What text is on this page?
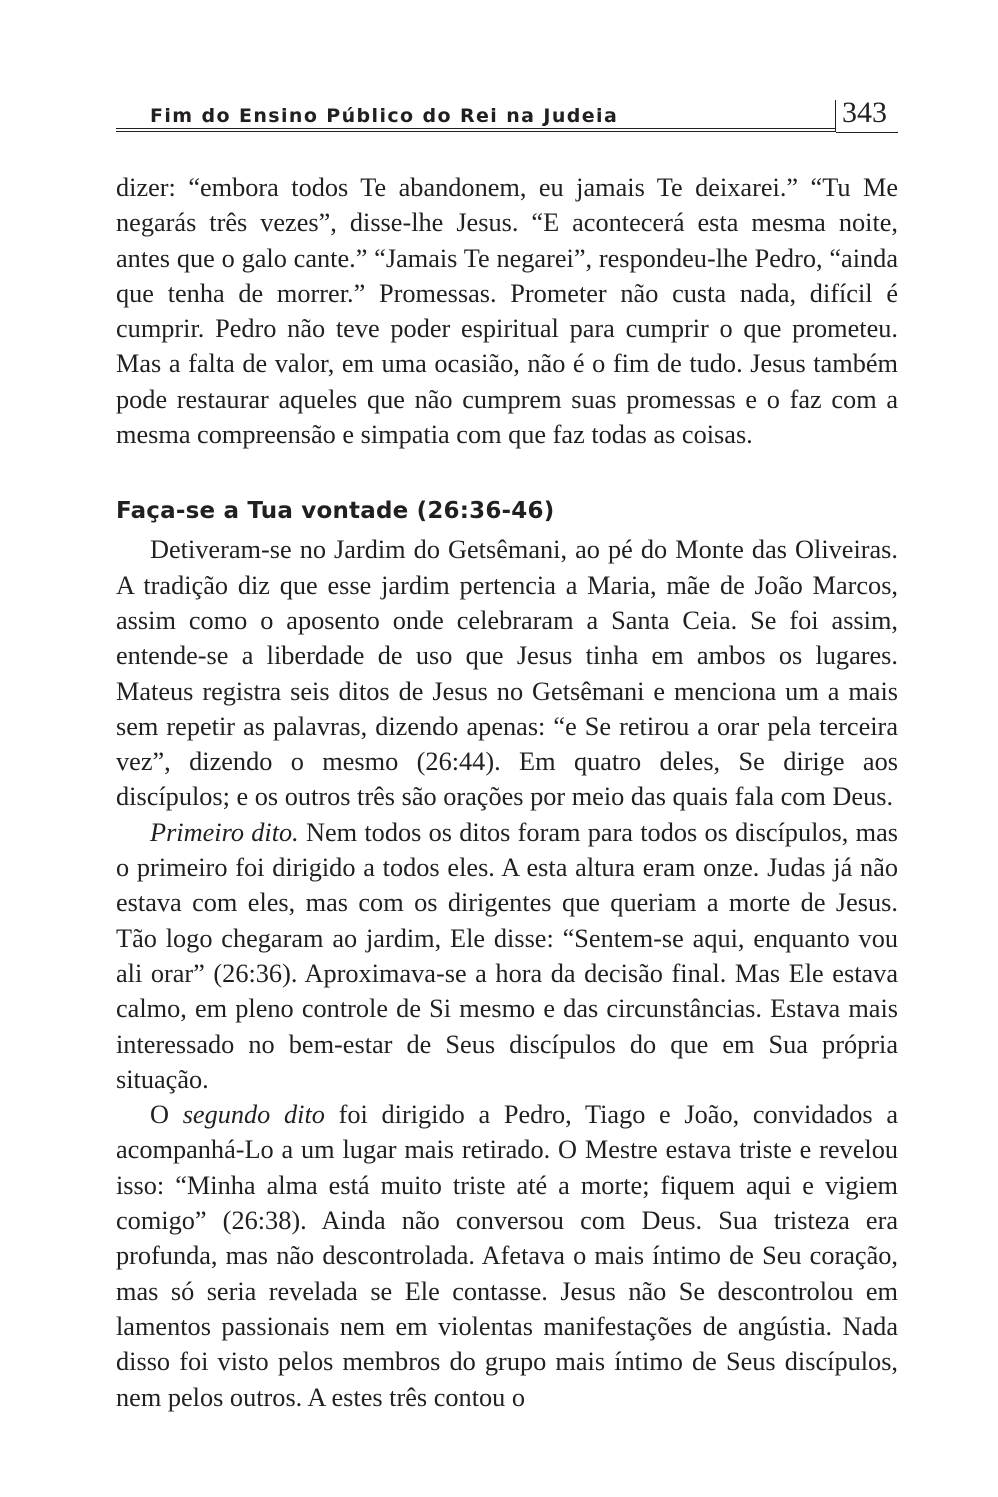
Fim do Ensino Público do Rei na Judeia	343

dizer: “embora todos Te abandonem, eu jamais Te deixarei.” “Tu Me negarás três vezes”, disse-lhe Jesus. “E acontecerá esta mesma noite, antes que o galo cante.” “Jamais Te negarei”, respondeu-lhe Pedro, “ainda que tenha de morrer.” Promessas. Prometer não custa nada, difícil é cumprir. Pedro não teve poder espiritual para cumprir o que prometeu. Mas a falta de valor, em uma ocasião, não é o fim de tudo. Jesus também pode restaurar aqueles que não cumprem suas promessas e o faz com a mesma compreensão e simpatia com que faz todas as coisas.

Faça-se a Tua vontade (26:36-46)

Detiveram-se no Jardim do Getsêmani, ao pé do Monte das Oliveiras. A tradição diz que esse jardim pertencia a Maria, mãe de João Marcos, assim como o aposento onde celebraram a Santa Ceia. Se foi assim, entende-se a liberdade de uso que Jesus tinha em ambos os lugares. Mateus registra seis ditos de Jesus no Getsêmani e menciona um a mais sem repetir as palavras, dizendo apenas: “e Se retirou a orar pela terceira vez”, dizendo o mesmo (26:44). Em quatro deles, Se dirige aos discípulos; e os outros três são orações por meio das quais fala com Deus.

Primeiro dito. Nem todos os ditos foram para todos os discípulos, mas o primeiro foi dirigido a todos eles. A esta altura eram onze. Judas já não estava com eles, mas com os dirigentes que queriam a morte de Jesus. Tão logo chegaram ao jardim, Ele disse: “Sentem-se aqui, enquanto vou ali orar” (26:36). Aproximava-se a hora da decisão final. Mas Ele estava calmo, em pleno controle de Si mesmo e das circunstâncias. Estava mais interessado no bem-estar de Seus discípulos do que em Sua própria situação.

O segundo dito foi dirigido a Pedro, Tiago e João, convidados a acompanhá-Lo a um lugar mais retirado. O Mestre estava triste e revelou isso: “Minha alma está muito triste até a morte; fiquem aqui e vigiem comigo” (26:38). Ainda não conversou com Deus. Sua tristeza era profunda, mas não descontrolada. Afetava o mais íntimo de Seu coração, mas só seria revelada se Ele contasse. Jesus não Se descontrolou em lamentos passionais nem em violentas manifestações de angústia. Nada disso foi visto pelos membros do grupo mais íntimo de Seus discípulos, nem pelos outros. A estes três contou o
